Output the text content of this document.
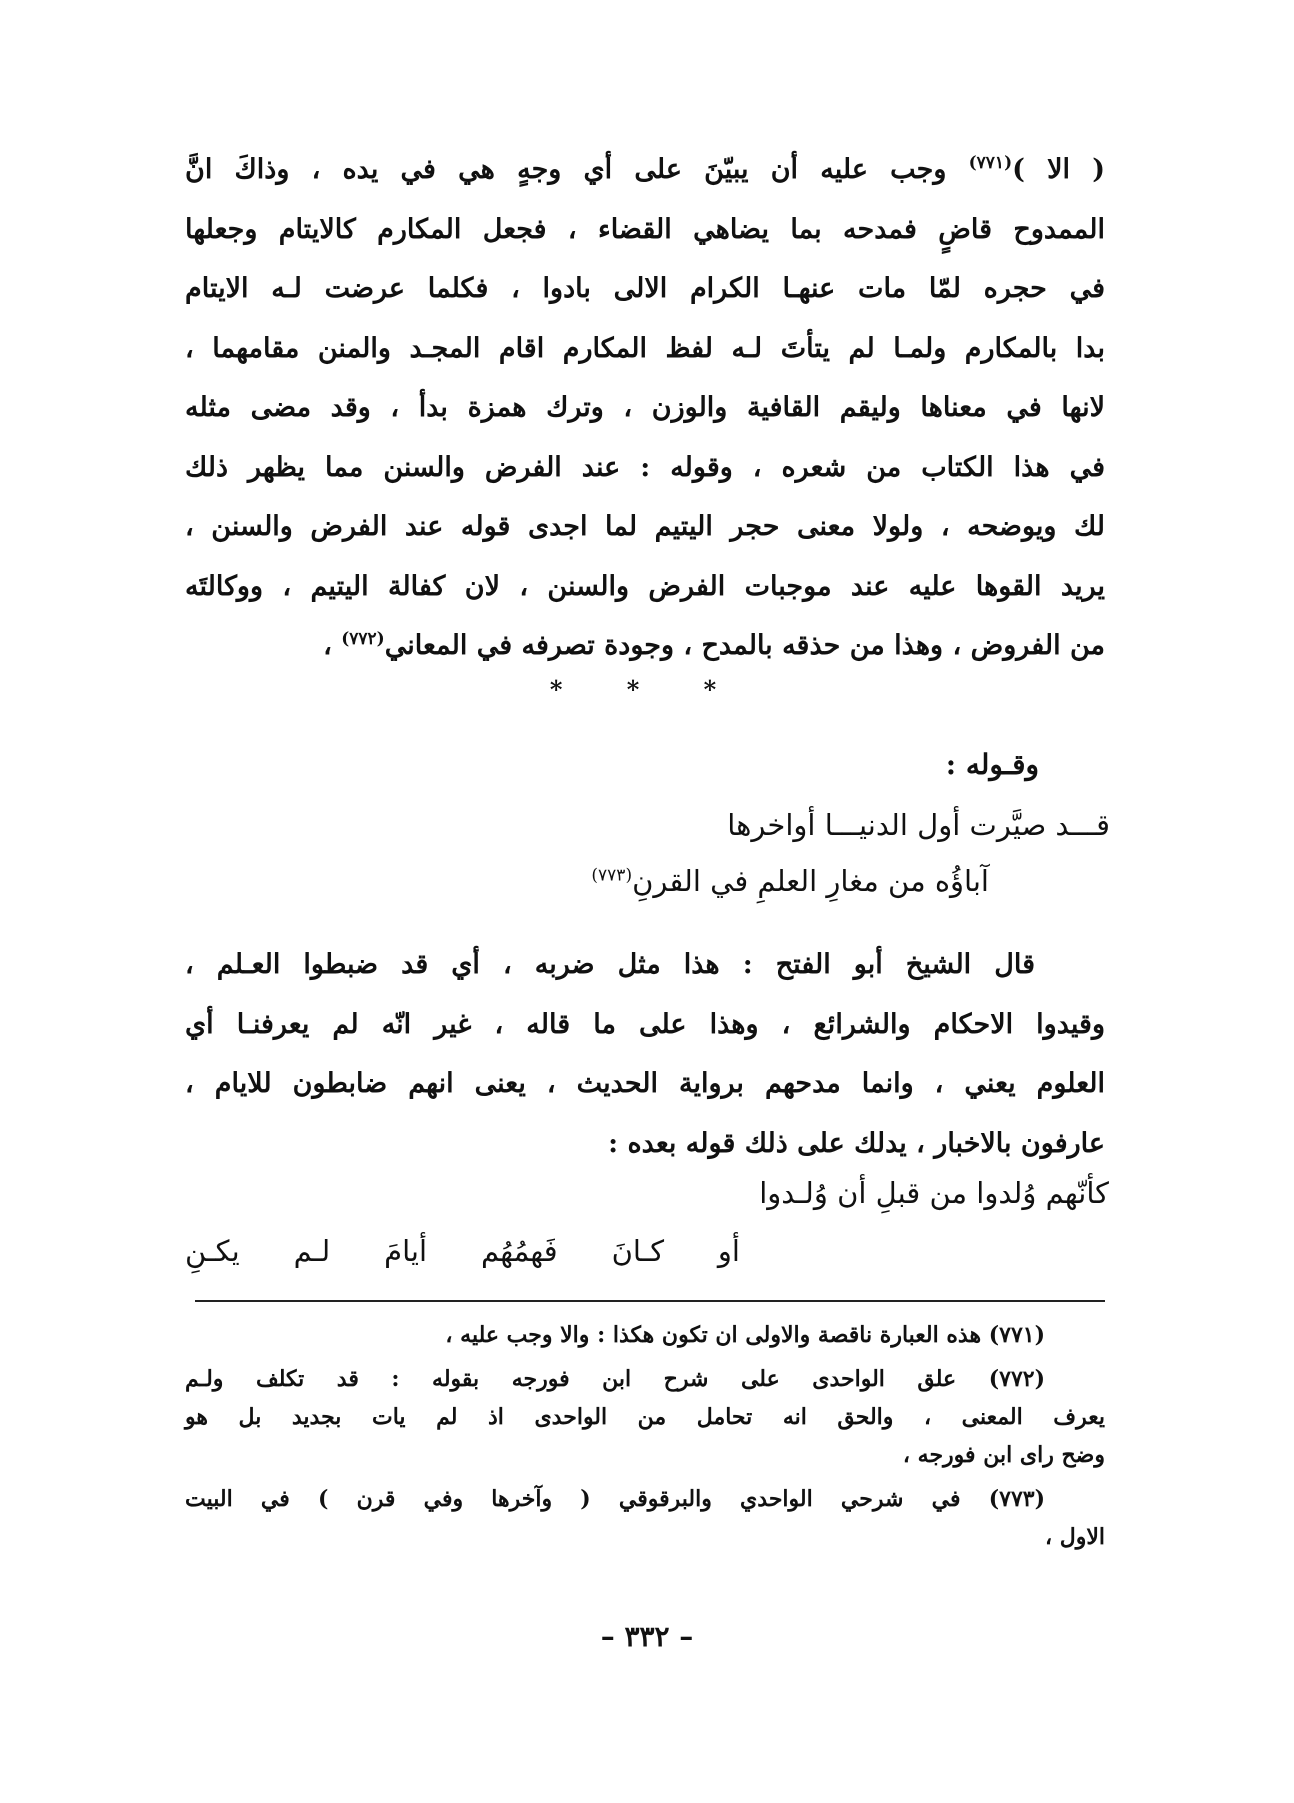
( الا )$^{(٧٧١)}$ وجب عليه أن يبيّنَ على أي وجهٍ هي في يده ، وذاكَ انَّ
الممدوح قاضٍ فمدحه بما يضاهي القضاء ، فجعل المكارم كالايتام وجعلها
في حجره لمّا مات عنهـا الكرام الالى بادوا ، فكلما عرضت لـه الايتام
بدا بالمكارم ولمـا لم يتأتَ لـه لفظ المكارم اقام المجـد والمنن مقامهما ،
لانها في معناها وليقم القافية والوزن ، وترك همزة بدأ ، وقد مضى مثله
في هذا الكتاب من شعره ، وقوله : عند الفرض والسنن مما يظهر ذلك
لك ويوضحه ، ولولا معنى حجر اليتيم لما اجدى قوله عند الفرض والسنن ،
يريد القوها عليه عند موجبات الفرض والسنن ، لان كفالة اليتيم ، ووكالتَه
من الفروض ، وهذا من حذقه بالمدح ، وجودة تصرفه في المعاني$^{(٧٧٢)}$ ،
* * *
وقـوله :
قـــد صيَّرت أول الدنيـــا أواخرها
آباؤُه من مغارِ العلمِ في القرنِ$^{(٧٧٣)}$
قال الشيخ أبو الفتح : هذا مثل ضربه ، أي قد ضبطوا العـلم ،
وقيدوا الاحكام والشرائع ، وهذا على ما قاله ، غير انّه لم يعرفنـا أي
العلوم يعني ، وانما مدحهم برواية الحديث ، يعنى انهم ضابطون للايام ،
عارفون بالاخبار ، يدلك على ذلك قوله بعده :
كأنّهم وُلدوا من قبلِ أن وُلـدوا
أو كـانَ فَهمُهُم أيامَ لـم يكـنِ
(٧٧١) هذه العبارة ناقصة والاولى ان تكون هكذا : والا وجب عليه ،
(٧٧٢) علق الواحدى على شرح ابن فورجه بقوله : قد تكلف ولـم
يعرف المعنى ، والحق انه تحامل من الواحدى اذ لم يات بجديد بل هو
وضح راى ابن فورجه ،
(٧٧٣) في شرحي الواحدي والبرقوقي ( وآخرها وفي قرن ) في البيت
الاول ،
– ٣٣٢ –
